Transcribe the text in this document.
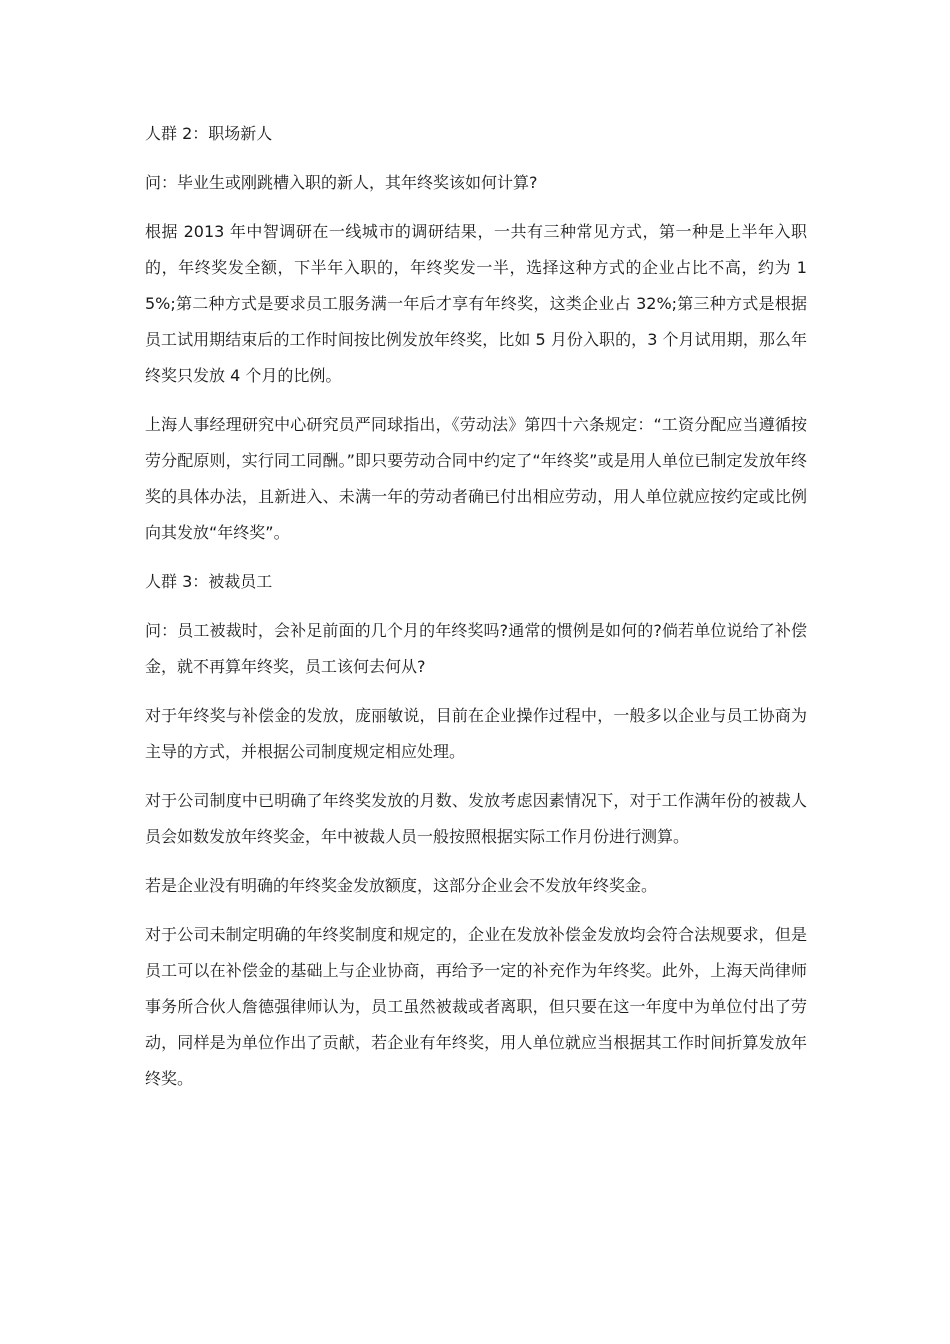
人群 2：职场新人

问：毕业生或刚跳槽入职的新人，其年终奖该如何计算?

根据 2013 年中智调研在一线城市的调研结果，一共有三种常见方式，第一种是上半年入职的，年终奖发全额，下半年入职的，年终奖发一半，选择这种方式的企业占比不高，约为 15%;第二种方式是要求员工服务满一年后才享有年终奖，这类企业占 32%;第三种方式是根据员工试用期结束后的工作时间按比例发放年终奖，比如 5 月份入职的，3 个月试用期，那么年终奖只发放 4 个月的比例。

上海人事经理研究中心研究员严同球指出，《劳动法》第四十六条规定：“工资分配应当遵循按劳分配原则，实行同工同酬。”即只要劳动合同中约定了“年终奖”或是用人单位已制定发放年终奖的具体办法，且新进入、未满一年的劳动者确已付出相应劳动，用人单位就应按约定或比例向其发放“年终奖”。

人群 3：被裁员工

问：员工被裁时，会补足前面的几个月的年终奖吗?通常的惯例是如何的?倘若单位说给了补偿金，就不再算年终奖，员工该何去何从?

对于年终奖与补偿金的发放，庞丽敏说，目前在企业操作过程中，一般多以企业与员工协商为主导的方式，并根据公司制度规定相应处理。

对于公司制度中已明确了年终奖发放的月数、发放考虑因素情况下，对于工作满年份的被裁人员会如数发放年终奖金，年中被裁人员一般按照根据实际工作月份进行测算。

若是企业没有明确的年终奖金发放额度，这部分企业会不发放年终奖金。

对于公司未制定明确的年终奖制度和规定的，企业在发放补偿金发放均会符合法规要求，但是员工可以在补偿金的基础上与企业协商，再给予一定的补充作为年终奖。此外，上海天尚律师事务所合伙人詹德强律师认为，员工虽然被裁或者离职，但只要在这一年度中为单位付出了劳动，同样是为单位作出了贡献，若企业有年终奖，用人单位就应当根据其工作时间折算发放年终奖。
